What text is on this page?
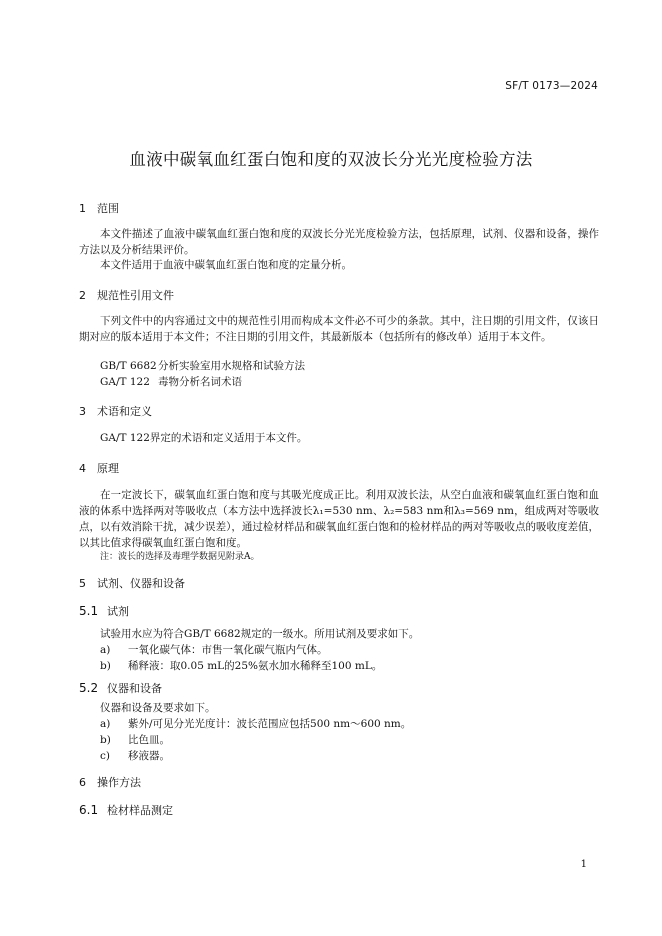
SF/T 0173—2024
血液中碳氧血红蛋白饱和度的双波长分光光度检验方法
1 范围
本文件描述了血液中碳氧血红蛋白饱和度的双波长分光光度检验方法，包括原理，试剂、仪器和设备，操作方法以及分析结果评价。
本文件适用于血液中碳氧血红蛋白饱和度的定量分析。
2 规范性引用文件
下列文件中的内容通过文中的规范性引用而构成本文件必不可少的条款。其中，注日期的引用文件，仅该日期对应的版本适用于本文件；不注日期的引用文件，其最新版本（包括所有的修改单）适用于本文件。
GB/T 6682分析实验室用水规格和试验方法
GA/T 122 毒物分析名词术语
3 术语和定义
GA/T 122界定的术语和定义适用于本文件。
4 原理
在一定波长下，碳氧血红蛋白饱和度与其吸光度成正比。利用双波长法，从空白血液和碳氧血红蛋白饱和血液的体系中选择两对等吸收点（本方法中选择波长λ₁=530 nm、λ₂=583 nm和λ₃=569 nm，组成两对等吸收点，以有效消除干扰，减少误差），通过检材样品和碳氧血红蛋白饱和的检材样品的两对等吸收点的吸收度差值，以其比值求得碳氧血红蛋白饱和度。
注：波长的选择及毒理学数据见附录A。
5 试剂、仪器和设备
5.1 试剂
试验用水应为符合GB/T 6682规定的一级水。所用试剂及要求如下。
a) 一氧化碳气体：市售一氧化碳气瓶内气体。
b) 稀释液：取0.05 mL的25%氨水加水稀释至100 mL。
5.2 仪器和设备
仪器和设备及要求如下。
a) 紫外/可见分光光度计：波长范围应包括500 nm～600 nm。
b) 比色皿。
c) 移液器。
6 操作方法
6.1 检材样品测定
1
